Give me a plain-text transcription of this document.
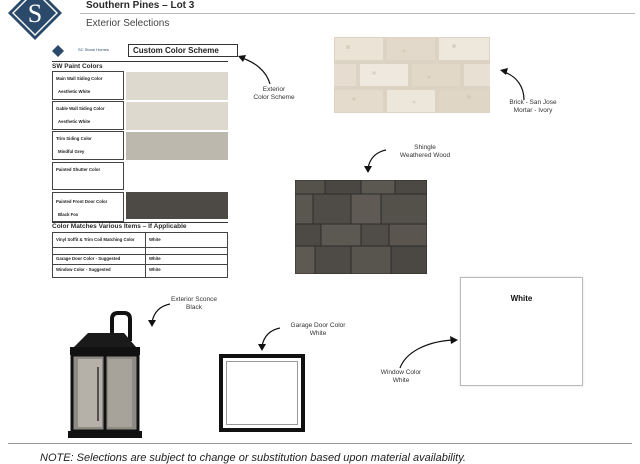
S	Southern Pines – Lot 3
Exterior Selections
SC Stone Homes	Custom Color Scheme
SW Paint Colors
Main Wall Siding Color
Aesthetic White
Gable Wall Siding Color
Aesthetic White
Trim Siding Color
Mindful Grey
Painted Shutter Color
Painted Front Door Color
Black Fox
Color Matches Various Items – If Applicable
Vinyl Soffit & Trim Coil Matching Color	White
Garage Door Color - Suggested	White
Window Color - Suggested	White
Exterior
Color Scheme
Brick - San Jose
Mortar - Ivory
Shingle
Weathered Wood
Exterior Sconce
Black
Garage Door Color
White
White
Window Color
White
NOTE: Selections are subject to change or substitution based upon material availability.
